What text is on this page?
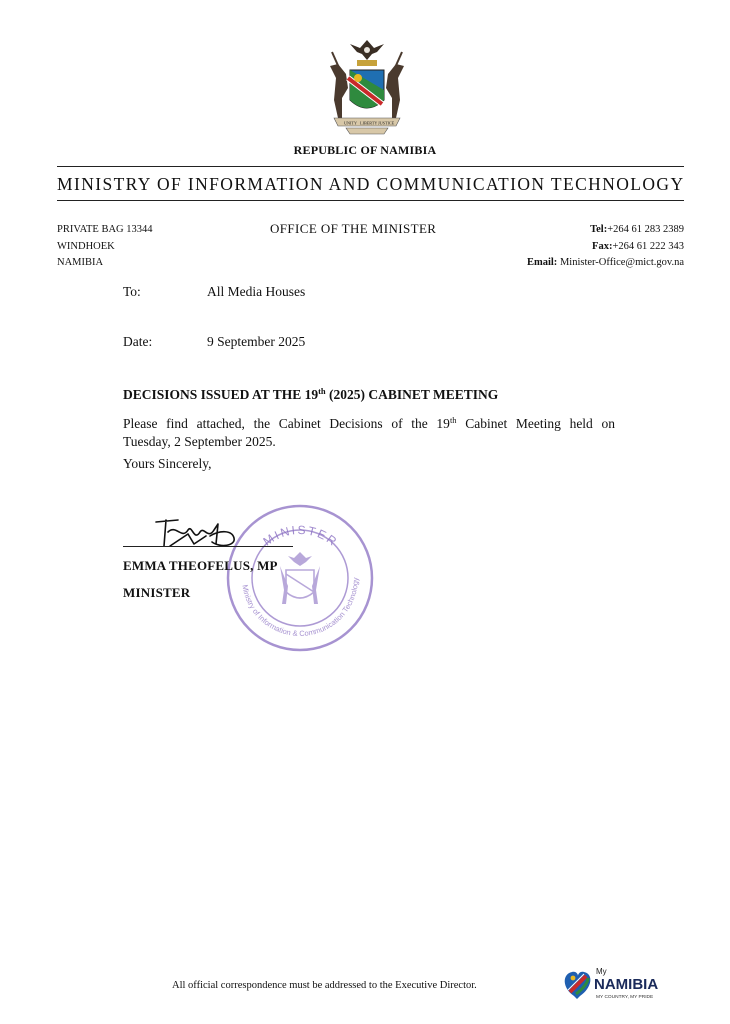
UNITY LIBERTY JUSTICE
REPUBLIC OF NAMIBIA
MINISTRY OF INFORMATION AND COMMUNICATION TECHNOLOGY
PRIVATE BAG 13344
WINDHOEK
NAMIBIA
OFFICE OF THE MINISTER	Tel:+264 61 283 2389
Fax:+264 61 222 343
Email: Minister-Office@mict.gov.na
To:	All Media Houses
Date:	9 September 2025
DECISIONS ISSUED AT THE 19th (2025) CABINET MEETING
Please find attached, the Cabinet Decisions of the 19th Cabinet Meeting held on
Tuesday, 2 September 2025.
Yours Sincerely,
MINISTER
Ministry of Information & Communication Technology
EMMA THEOFELUS, MP
MINISTER
All official correspondence must be addressed to the Executive Director.
My
NAMIBIA
MY COUNTRY, MY PRIDE
